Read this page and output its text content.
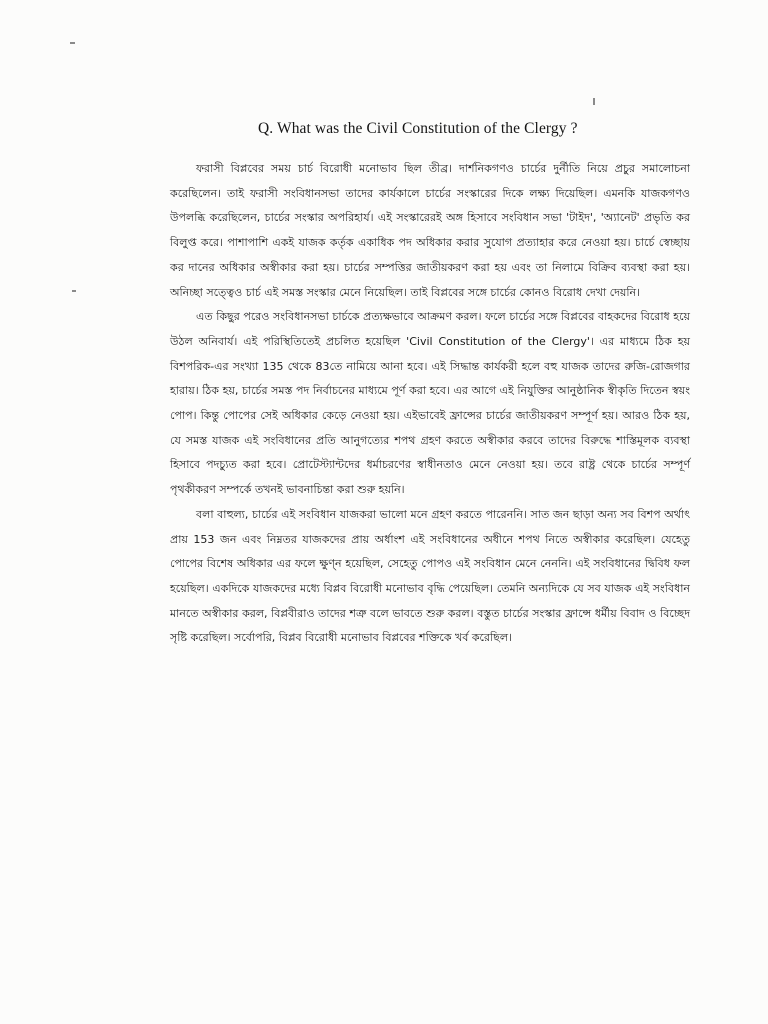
Q. What was the Civil Constitution of the Clergy ?

ফরাসী বিপ্লবের সময় চার্চ বিরোধী মনোভাব ছিল তীব্র। দার্শনিকগণও চার্চের দুর্নীতি নিয়ে প্রচুর সমালোচনা করেছিলেন। তাই ফরাসী সংবিধানসভা তাদের কার্যকালে চার্চের সংস্কারের দিকে লক্ষ্য দিয়েছিল। এমনকি যাজকগণও উপলব্ধি করেছিলেন, চার্চের সংস্কার অপরিহার্য। এই সংস্কারেরই অঙ্গ হিসাবে সংবিধান সভা 'টাইদ', 'অ্যানেট' প্রভৃতি কর বিলুপ্ত করে। পাশাপাশি একই যাজক কর্তৃক একাধিক পদ অধিকার করার সুযোগ প্রত্যাহার করে নেওয়া হয়। চার্চে স্বেচ্ছায় কর দানের অধিকার অস্বীকার করা হয়। চার্চের সম্পত্তির জাতীয়করণ করা হয় এবং তা নিলামে বিক্রিব ব্যবস্থা করা হয়। অনিচ্ছা সত্ত্বেও চার্চ এই সমস্ত সংস্কার মেনে নিয়েছিল। তাই বিপ্লবের সঙ্গে চার্চের কোনও বিরোধ দেখা দেয়নি।

এত কিছুর পরেও সংবিধানসভা চার্চকে প্রত্যক্ষভাবে আক্রমণ করল। ফলে চার্চের সঙ্গে বিপ্লবের বাহকদের বিরোধ হয়ে উঠল অনিবার্য। এই পরিস্থিতিতেই প্রচলিত হয়েছিল 'Civil Constitution of the Clergy'। এর মাধ্যমে ঠিক হয় বিশপরিক-এর সংখ্যা 135 থেকে 83তে নামিয়ে আনা হবে। এই সিদ্ধান্ত কার্যকরী হলে বহু যাজক তাদের রুজি-রোজগার হারায়। ঠিক হয়, চার্চের সমস্ত পদ নির্বাচনের মাধ্যমে পূর্ণ করা হবে। এর আগে এই নিযুক্তির আনুষ্ঠানিক স্বীকৃতি দিতেন স্বয়ং পোপ। কিন্তু পোপের সেই অধিকার কেড়ে নেওয়া হয়। এইভাবেই ফ্রান্সের চার্চের জাতীয়করণ সম্পূর্ণ হয়। আরও ঠিক হয়, যে সমস্ত যাজক এই সংবিধানের প্রতি আনুগত্যের শপথ গ্রহণ করতে অস্বীকার করবে তাদের বিরুদ্ধে শাস্তিমূলক ব্যবস্থা হিসাবে পদচ্যুত করা হবে। প্রোটেস্ট্যান্টদের ধর্মাচরণের স্বাধীনতাও মেনে নেওয়া হয়। তবে রাষ্ট্র থেকে চার্চের সম্পূর্ণ পৃথকীকরণ সম্পর্কে তখনই ভাবনাচিন্তা করা শুরু হয়নি।

বলা বাহুল্য, চার্চের এই সংবিধান যাজকরা ভালো মনে গ্রহণ করতে পারেননি। সাত জন ছাড়া অন্য সব বিশপ অর্থাৎ প্রায় 153 জন এবং নিম্নতর যাজকদের প্রায় অর্ধাংশ এই সংবিধানের অধীনে শপথ নিতে অস্বীকার করেছিল। যেহেতু পোপের বিশেষ অধিকার এর ফলে ক্ষুণ্ন হয়েছিল, সেহেতু পোপও এই সংবিধান মেনে নেননি। এই সংবিধানের দ্বিবিধ ফল হয়েছিল। একদিকে যাজকদের মধ্যে বিপ্লব বিরোধী মনোভাব বৃদ্ধি পেয়েছিল। তেমনি অন্যদিকে যে সব যাজক এই সংবিধান মানতে অস্বীকার করল, বিপ্লবীরাও তাদের শত্রু বলে ভাবতে শুরু করল। বস্তুত চার্চের সংস্কার ফ্রান্সে ধর্মীয় বিবাদ ও বিচ্ছেদ সৃষ্টি করেছিল। সর্বোপরি, বিপ্লব বিরোধী মনোভাব বিপ্লবের শক্তিকে খর্ব করেছিল।
